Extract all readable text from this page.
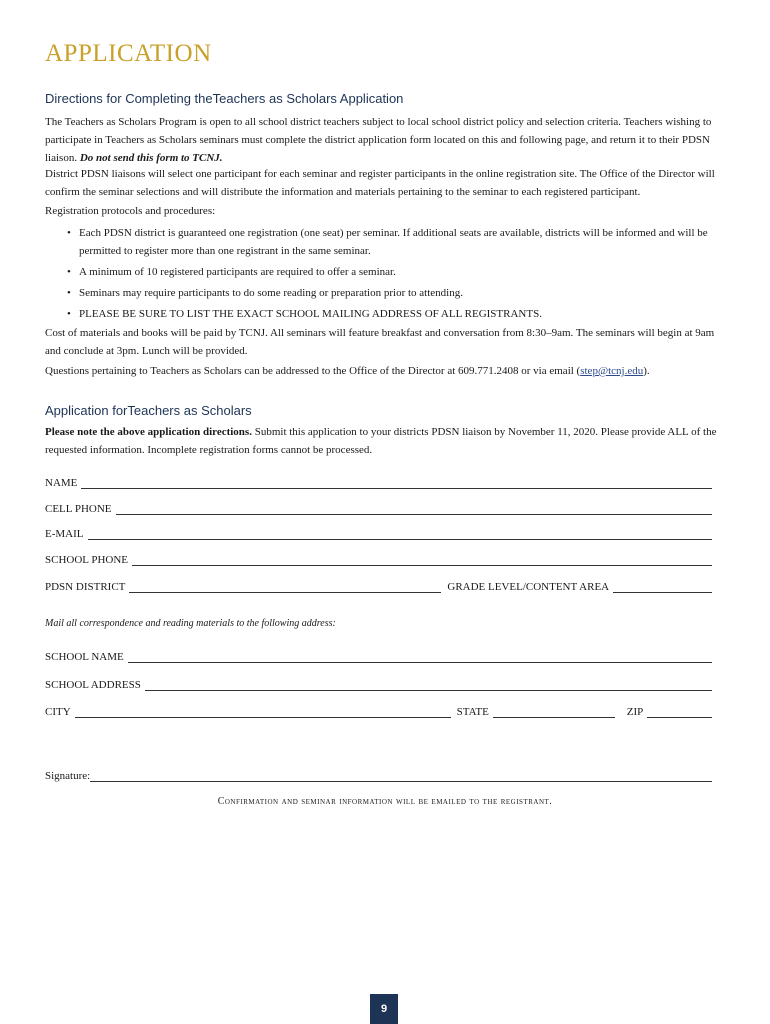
APPLICATION
Directions for Completing theTeachers as Scholars Application
The Teachers as Scholars Program is open to all school district teachers subject to local school district policy and selection criteria. Teachers wishing to participate in Teachers as Scholars seminars must complete the district application form located on this and following page, and return it to their PDSN liaison. Do not send this form to TCNJ.
District PDSN liaisons will select one participant for each seminar and register participants in the online registration site. The Office of the Director will confirm the seminar selections and will distribute the information and materials pertaining to the seminar to each registered participant.
Registration protocols and procedures:
• Each PDSN district is guaranteed one registration (one seat) per seminar. If additional seats are available, districts will be informed and will be permitted to register more than one registrant in the same seminar.
• A minimum of 10 registered participants are required to offer a seminar.
• Seminars may require participants to do some reading or preparation prior to attending.
• PLEASE BE SURE TO LIST THE EXACT SCHOOL MAILING ADDRESS OF ALL REGISTRANTS.
Cost of materials and books will be paid by TCNJ. All seminars will feature breakfast and conversation from 8:30–9am. The seminars will begin at 9am and conclude at 3pm. Lunch will be provided.
Questions pertaining to Teachers as Scholars can be addressed to the Office of the Director at 609.771.2408 or via email (step@tcnj.edu).
Application forTeachers as Scholars
Please note the above application directions. Submit this application to your districts PDSN liaison by November 11, 2020. Please provide ALL of the requested information. Incomplete registration forms cannot be processed.
NAME
CELL PHONE
E-MAIL
SCHOOL PHONE
PDSN DISTRICT	GRADE LEVEL/CONTENT AREA
Mail all correspondence and reading materials to the following address:
SCHOOL NAME
SCHOOL ADDRESS
CITY	STATE	ZIP
Signature:
Confirmation and seminar information will be emailed to the registrant.
9
